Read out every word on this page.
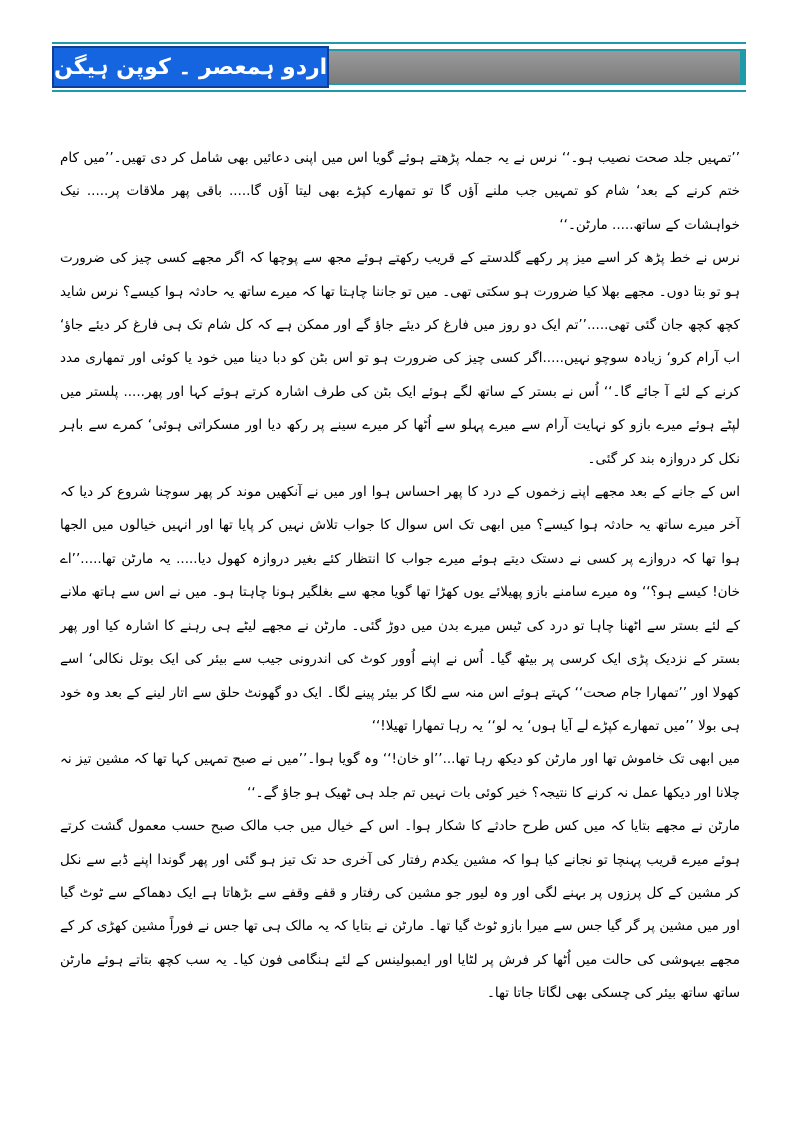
اردو ہمعصر ۔ کوپن ہیگن

’’تمہیں جلد صحت نصیب ہو۔‘‘ نرس نے یہ جملہ پڑھتے ہوئے گویا اس میں اپنی دعائیں بھی شامل کر دی تھیں۔’’میں کام ختم کرنے کے بعد‘ شام کو تمہیں جب ملنے آؤں گا تو تمھارے کپڑے بھی لیتا آؤں گا..... باقی پھر ملاقات پر..... نیک خواہشات کے ساتھ..... مارٹن۔‘‘

نرس نے خط پڑھ کر اسے میز پر رکھے گلدستے کے قریب رکھتے ہوئے مجھ سے پوچھا کہ اگر مجھے کسی چیز کی ضرورت ہو تو بتا دوں۔ مجھے بھلا کیا ضرورت ہو سکتی تھی۔ میں تو جاننا چاہتا تھا کہ میرے ساتھ یہ حادثہ ہوا کیسے؟ نرس شاید کچھ کچھ جان گئی تھی.....’’تم ایک دو روز میں فارغ کر دیئے جاؤ گے اور ممکن ہے کہ کل شام تک ہی فارغ کر دیئے جاؤ‘ اب آرام کرو‘ زیادہ سوچو نہیں.....اگر کسی چیز کی ضرورت ہو تو اس بٹن کو دبا دینا میں خود یا کوئی اور تمھاری مدد کرنے کے لئے آ جائے گا۔‘‘ اُس نے بستر کے ساتھ لگے ہوئے ایک بٹن کی طرف اشارہ کرتے ہوئے کہا اور پھر..... پلستر میں لپٹے ہوئے میرے بازو کو نہایت آرام سے میرے پہلو سے اُٹھا کر میرے سینے پر رکھ دیا اور مسکراتی ہوئی‘ کمرے سے باہر نکل کر دروازہ بند کر گئی۔

اس کے جانے کے بعد مجھے اپنے زخموں کے درد کا پھر احساس ہوا اور میں نے آنکھیں موند کر پھر سوچنا شروع کر دیا کہ آخر میرے ساتھ یہ حادثہ ہوا کیسے؟ میں ابھی تک اس سوال کا جواب تلاش نہیں کر پایا تھا اور انہیں خیالوں میں الجھا ہوا تھا کہ دروازے پر کسی نے دستک دیتے ہوئے میرے جواب کا انتظار کئے بغیر دروازہ کھول دیا..... یہ مارٹن تھا.....’’اے خان! کیسے ہو؟‘‘ وہ میرے سامنے بازو پھیلائے یوں کھڑا تھا گویا مجھ سے بغلگیر ہونا چاہتا ہو۔ میں نے اس سے ہاتھ ملانے کے لئے بستر سے اٹھنا چاہا تو درد کی ٹیس میرے بدن میں دوڑ گئی۔ مارٹن نے مجھے لیٹے ہی رہنے کا اشارہ کیا اور پھر بستر کے نزدیک پڑی ایک کرسی پر بیٹھ گیا۔ اُس نے اپنے اُوور کوٹ کی اندرونی جیب سے بیئر کی ایک بوتل نکالی‘ اسے کھولا اور ’’تمھارا جام صحت‘‘ کہتے ہوئے اس منہ سے لگا کر بیئر پینے لگا۔ ایک دو گھونٹ حلق سے اتار لینے کے بعد وہ خود ہی بولا ’’میں تمھارے کپڑے لے آیا ہوں‘ یہ لو‘‘ یہ رہا تمھارا تھیلا!‘‘

میں ابھی تک خاموش تھا اور مارٹن کو دیکھ رہا تھا...’’او خان!‘‘ وہ گویا ہوا۔’’میں نے صبح تمہیں کہا تھا کہ مشین تیز نہ چلانا اور دیکھا عمل نہ کرنے کا نتیجہ؟ خیر کوئی بات نہیں تم جلد ہی ٹھیک ہو جاؤ گے۔‘‘

مارٹن نے مجھے بتایا کہ میں کس طرح حادثے کا شکار ہوا۔ اس کے خیال میں جب مالک صبح حسب معمول گشت کرتے ہوئے میرے قریب پہنچا تو نجانے کیا ہوا کہ مشین یکدم رفتار کی آخری حد تک تیز ہو گئی اور پھر گوندا اپنے ڈبے سے نکل کر مشین کے کل پرزوں پر بہنے لگی اور وہ لیور جو مشین کی رفتار و قفے وقفے سے بڑھاتا ہے ایک دھماکے سے ٹوٹ گیا اور میں مشین پر گر گیا جس سے میرا بازو ٹوٹ گیا تھا۔ مارٹن نے بتایا کہ یہ مالک ہی تھا جس نے فوراً مشین کھڑی کر کے مجھے بیہوشی کی حالت میں اُٹھا کر فرش پر لٹایا اور ایمبولینس کے لئے ہنگامی فون کیا۔ یہ سب کچھ بتاتے ہوئے مارٹن ساتھ ساتھ بیئر کی چسکی بھی لگاتا جاتا تھا۔
